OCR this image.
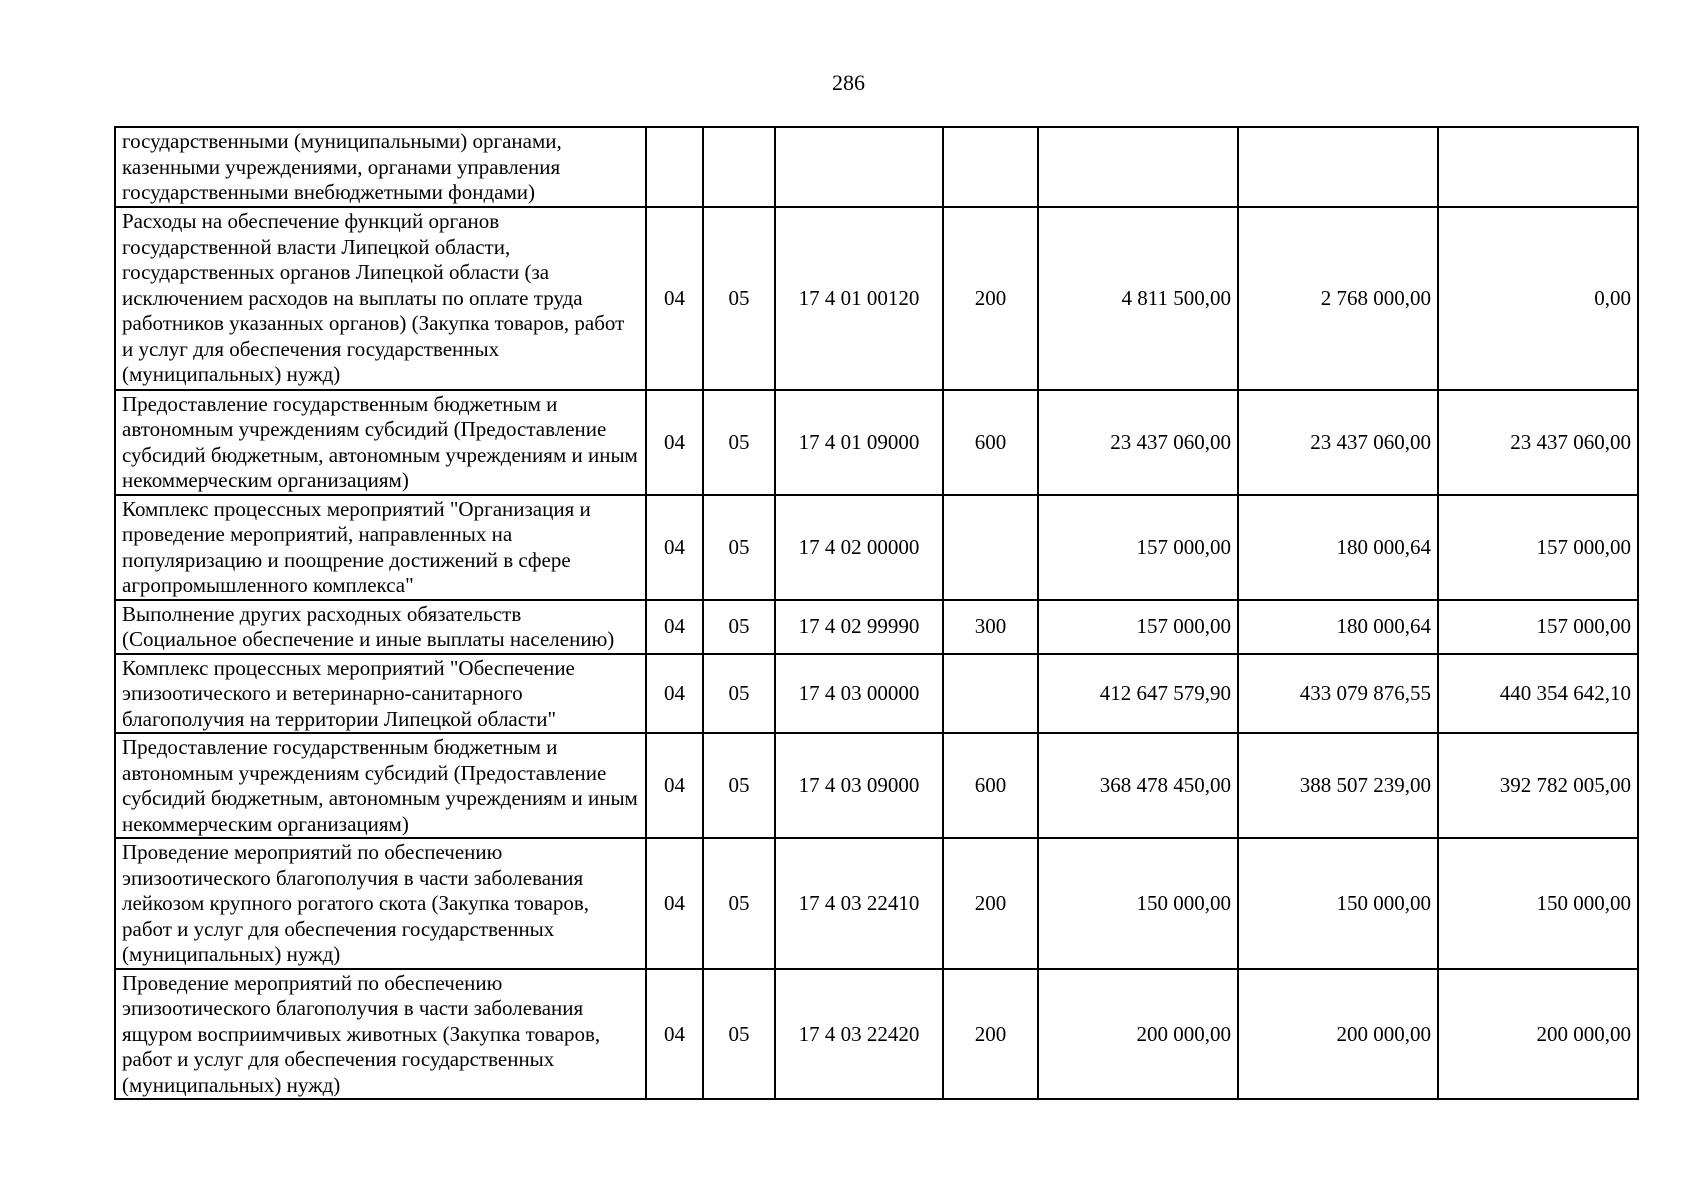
286
государственными (муниципальными) органами, казенными учреждениями, органами управления государственными внебюджетными фондами)							
Расходы на обеспечение функций органов государственной власти Липецкой области, государственных органов Липецкой области (за исключением расходов на выплаты по оплате труда работников указанных органов) (Закупка товаров, работ и услуг для обеспечения государственных (муниципальных) нужд)	04	05	17 4 01 00120	200	4 811 500,00	2 768 000,00	0,00
Предоставление государственным бюджетным и автономным учреждениям субсидий (Предоставление субсидий бюджетным, автономным учреждениям и иным некоммерческим организациям)	04	05	17 4 01 09000	600	23 437 060,00	23 437 060,00	23 437 060,00
Комплекс процессных мероприятий "Организация и проведение мероприятий, направленных на популяризацию и поощрение достижений в сфере агропромышленного комплекса"	04	05	17 4 02 00000		157 000,00	180 000,64	157 000,00
Выполнение других расходных обязательств (Социальное обеспечение и иные выплаты населению)	04	05	17 4 02 99990	300	157 000,00	180 000,64	157 000,00
Комплекс процессных мероприятий "Обеспечение эпизоотического и ветеринарно-санитарного благополучия на территории Липецкой области"	04	05	17 4 03 00000		412 647 579,90	433 079 876,55	440 354 642,10
Предоставление государственным бюджетным и автономным учреждениям субсидий (Предоставление субсидий бюджетным, автономным учреждениям и иным некоммерческим организациям)	04	05	17 4 03 09000	600	368 478 450,00	388 507 239,00	392 782 005,00
Проведение мероприятий по обеспечению эпизоотического благополучия в части заболевания лейкозом крупного рогатого скота (Закупка товаров, работ и услуг для обеспечения государственных (муниципальных) нужд)	04	05	17 4 03 22410	200	150 000,00	150 000,00	150 000,00
Проведение мероприятий по обеспечению эпизоотического благополучия в части заболевания ящуром восприимчивых животных (Закупка товаров, работ и услуг для обеспечения государственных (муниципальных) нужд)	04	05	17 4 03 22420	200	200 000,00	200 000,00	200 000,00
